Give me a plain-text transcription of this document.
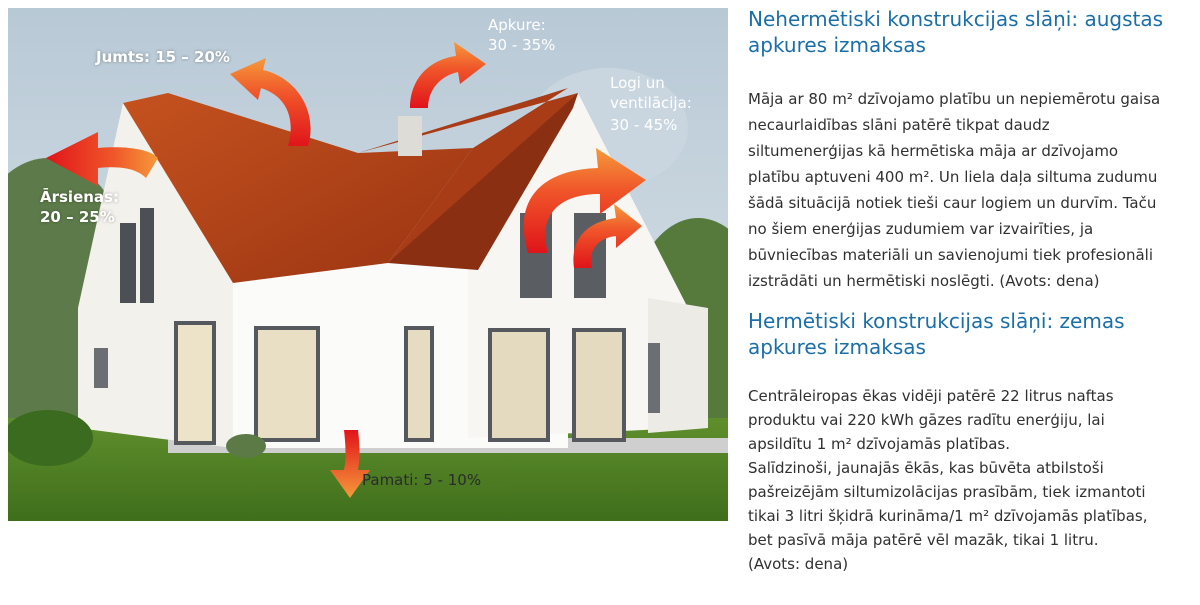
Jumts: 15 – 20%
Apkure:
30 - 35%
Logi un
ventilācija:
30 - 45%
Ārsienas:
20 – 25%
Pamati: 5 - 10%
Nehermētiski konstrukcijas slāņi: augstas
apkures izmaksas

Māja ar 80 m² dzīvojamo platību un nepiemērotu gaisa
necaurlaidības slāni patērē tikpat daudz
siltumenerģijas kā hermētiska māja ar dzīvojamo
platību aptuveni 400 m². Un liela daļa siltuma zudumu
šādā situācijā notiek tieši caur logiem un durvīm. Taču
no šiem enerģijas zudumiem var izvairīties, ja
būvniecības materiāli un savienojumi tiek profesionāli
izstrādāti un hermētiski noslēgti. (Avots: dena)

Hermētiski konstrukcijas slāņi: zemas
apkures izmaksas

Centrāleiropas ēkas vidēji patērē 22 litrus naftas
produktu vai 220 kWh gāzes radītu enerģiju, lai
apsildītu 1 m² dzīvojamās platības.
Salīdzinoši, jaunajās ēkās, kas būvēta atbilstoši
pašreizējām siltumizolācijas prasībām, tiek izmantoti
tikai 3 litri šķidrā kurināma/1 m² dzīvojamās platības,
bet pasīvā māja patērē vēl mazāk, tikai 1 litru.
(Avots: dena)
